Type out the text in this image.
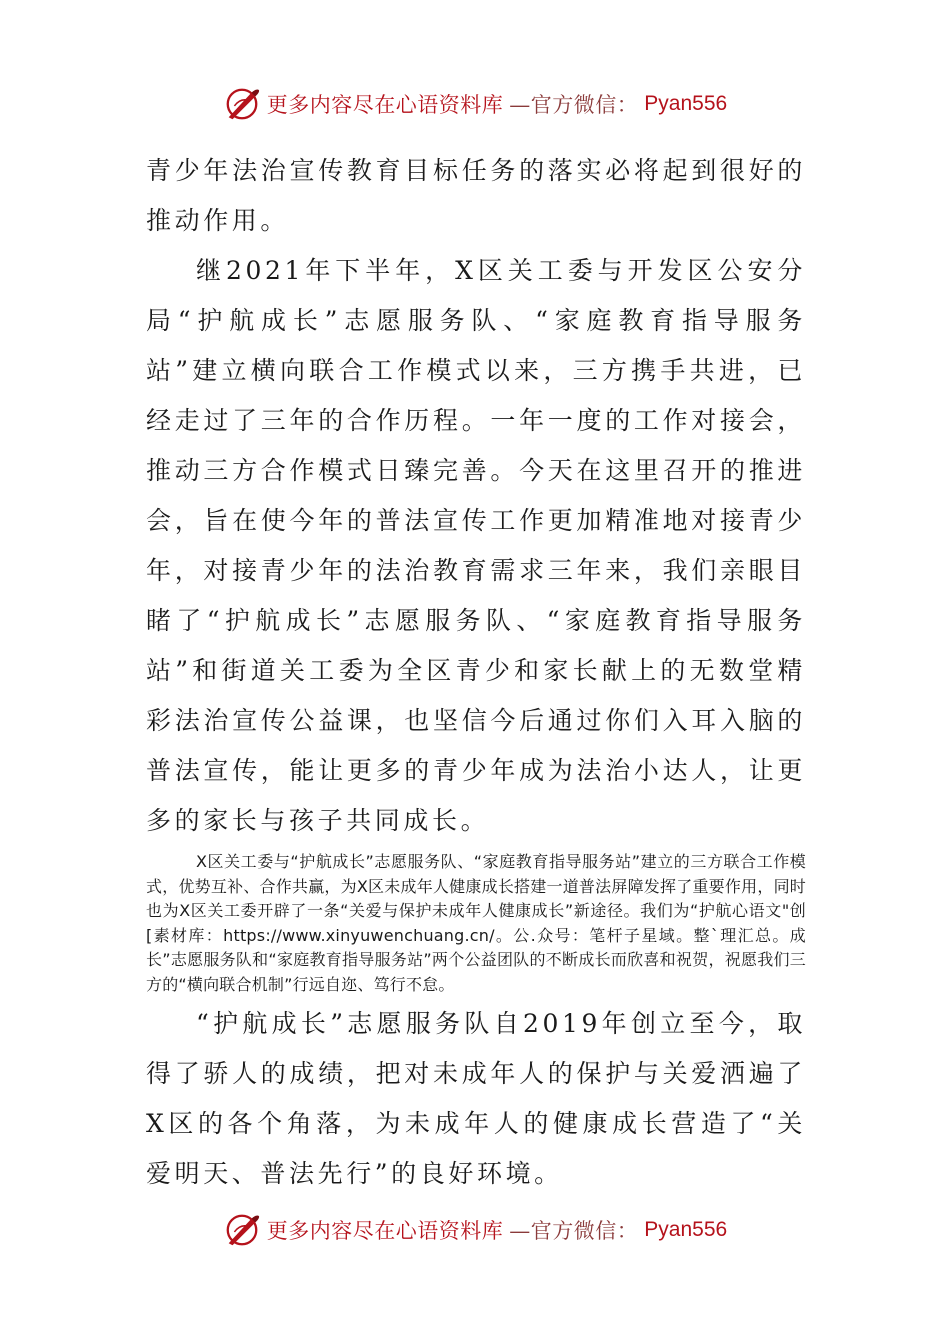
更多内容尽在心语资料库 —官方微信： Pyan556

青少年法治宣传教育目标任务的落实必将起到很好的推动作用。

继2021年下半年，X区关工委与开发区公安分局“护航成长”志愿服务队、“家庭教育指导服务站”建立横向联合工作模式以来，三方携手共进，已经走过了三年的合作历程。一年一度的工作对接会，推动三方合作模式日臻完善。今天在这里召开的推进会，旨在使今年的普法宣传工作更加精准地对接青少年，对接青少年的法治教育需求三年来，我们亲眼目睹了“护航成长”志愿服务队、“家庭教育指导服务站”和街道关工委为全区青少和家长献上的无数堂精彩法治宣传公益课，也坚信今后通过你们入耳入脑的普法宣传，能让更多的青少年成为法治小达人，让更多的家长与孩子共同成长。

X区关工委与“护航成长”志愿服务队、“家庭教育指导服务站”建立的三方联合工作模式，优势互补、合作共赢，为X区未成年人健康成长搭建一道普法屏障发挥了重要作用，同时也为X区关工委开辟了一条“关爱与保护未成年人健康成长”新途径。我们为“护航心语文"创[素材库：https://www.xinyuwenchuang.cn/。公.众号：笔杆子星域。整`理汇总。成长”志愿服务队和“家庭教育指导服务站”两个公益团队的不断成长而欣喜和祝贺，祝愿我们三方的“横向联合机制”行远自迩、笃行不怠。

“护航成长”志愿服务队自2019年创立至今，取得了骄人的成绩，把对未成年人的保护与关爱洒遍了X区的各个角落，为未成年人的健康成长营造了“关爱明天、普法先行”的良好环境。

更多内容尽在心语资料库 —官方微信： Pyan556
